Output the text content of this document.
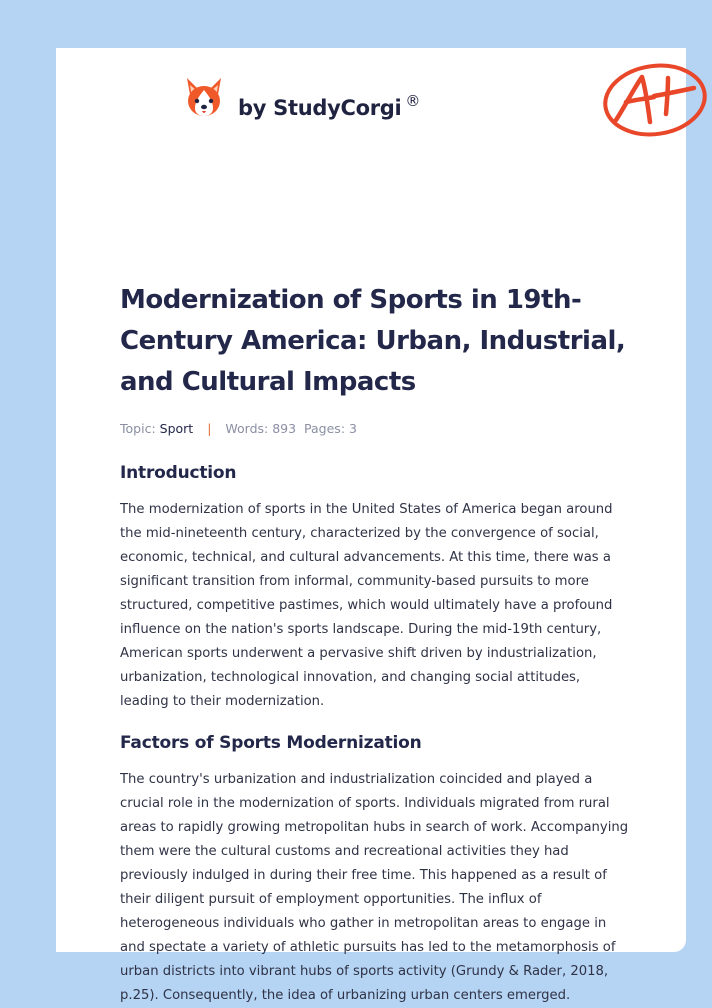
by StudyCorgi ®
Modernization of Sports in 19th-Century America: Urban, Industrial, and Cultural Impacts
Topic: Sport | Words: 893 Pages: 3
Introduction

The modernization of sports in the United States of America began around the mid-nineteenth century, characterized by the convergence of social, economic, technical, and cultural advancements. At this time, there was a significant transition from informal, community-based pursuits to more structured, competitive pastimes, which would ultimately have a profound influence on the nation's sports landscape. During the mid-19th century, American sports underwent a pervasive shift driven by industrialization, urbanization, technological innovation, and changing social attitudes, leading to their modernization.

Factors of Sports Modernization

The country's urbanization and industrialization coincided and played a crucial role in the modernization of sports. Individuals migrated from rural areas to rapidly growing metropolitan hubs in search of work. Accompanying them were the cultural customs and recreational activities they had previously indulged in during their free time. This happened as a result of their diligent pursuit of employment opportunities. The influx of heterogeneous individuals who gather in metropolitan areas to engage in and spectate a variety of athletic pursuits has led to the metamorphosis of urban districts into vibrant hubs of sports activity (Grundy & Rader, 2018, p.25). Consequently, the idea of urbanizing urban centers emerged.
